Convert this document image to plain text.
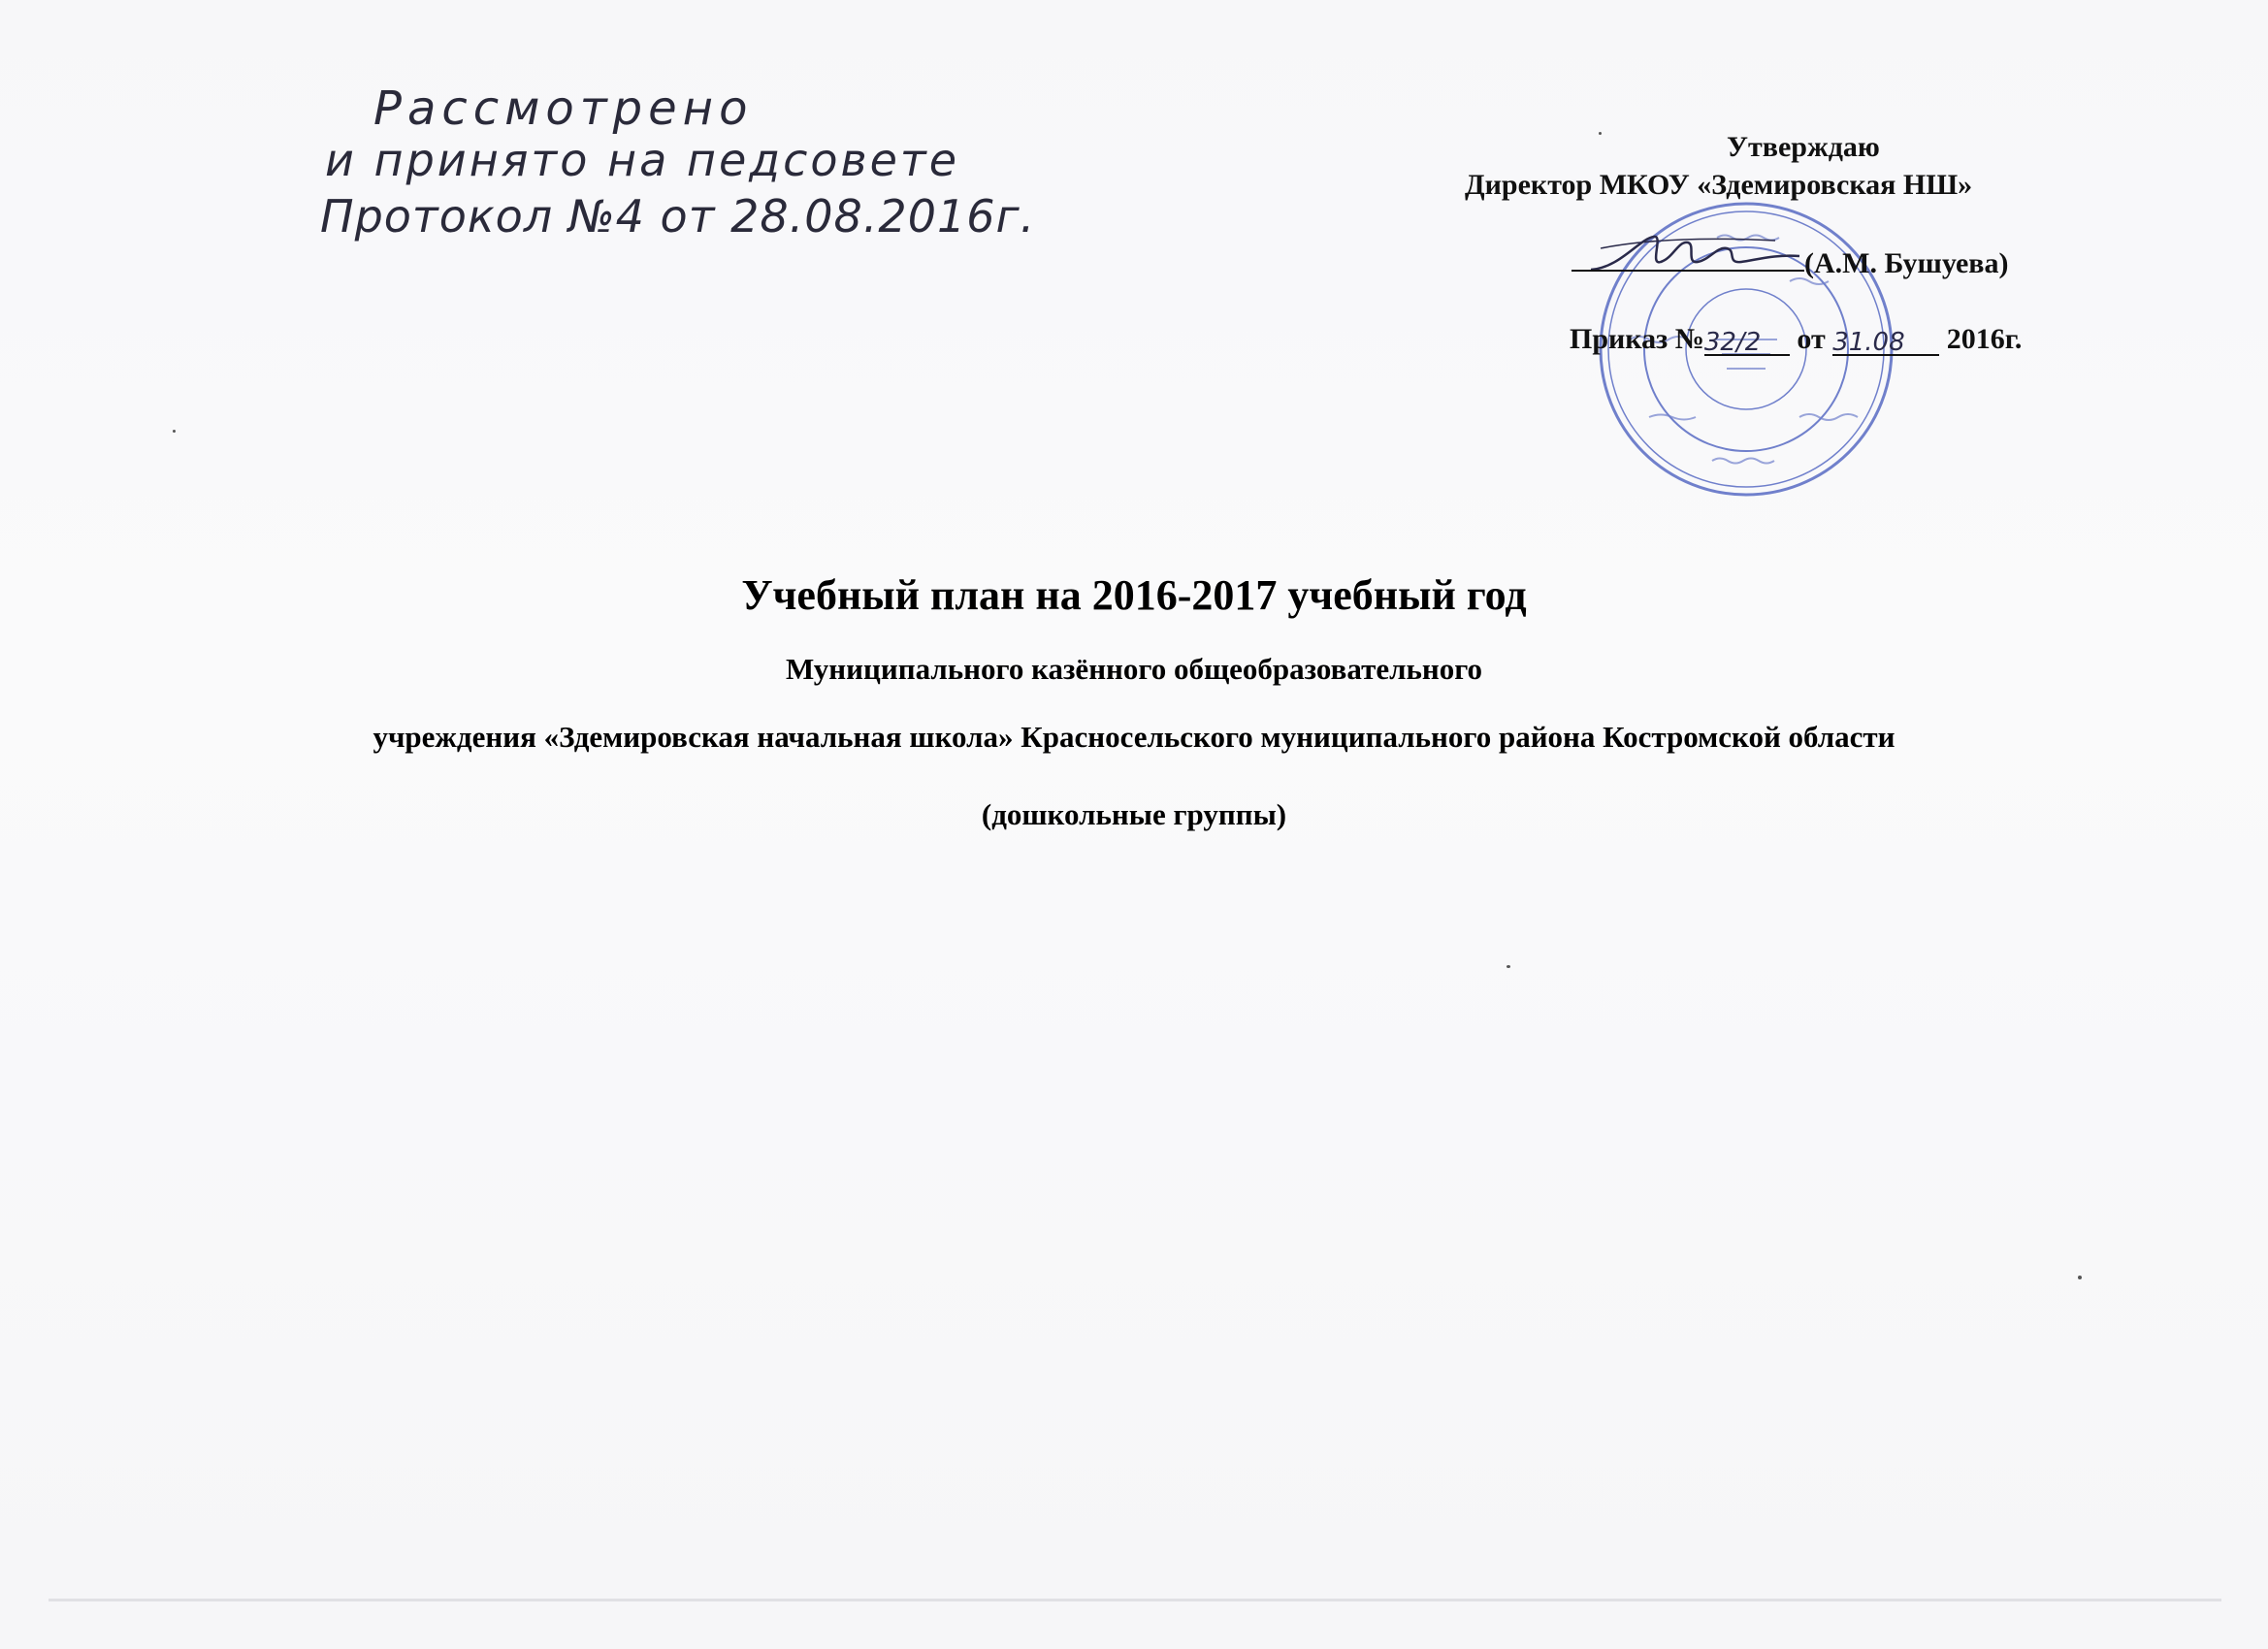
Рассмотрено
и принято на педсовете
Протокол №4 от 28.08.2016г.
Утверждаю
Директор МКОУ «Здемировская НШ»
(А.М. Бушуева)
Приказ №32/2 от 31.08 2016г.
Учебный план на 2016-2017 учебный год
Муниципального казённого общеобразовательного
учреждения «Здемировская начальная школа» Красносельского муниципального района Костромской области
(дошкольные группы)
